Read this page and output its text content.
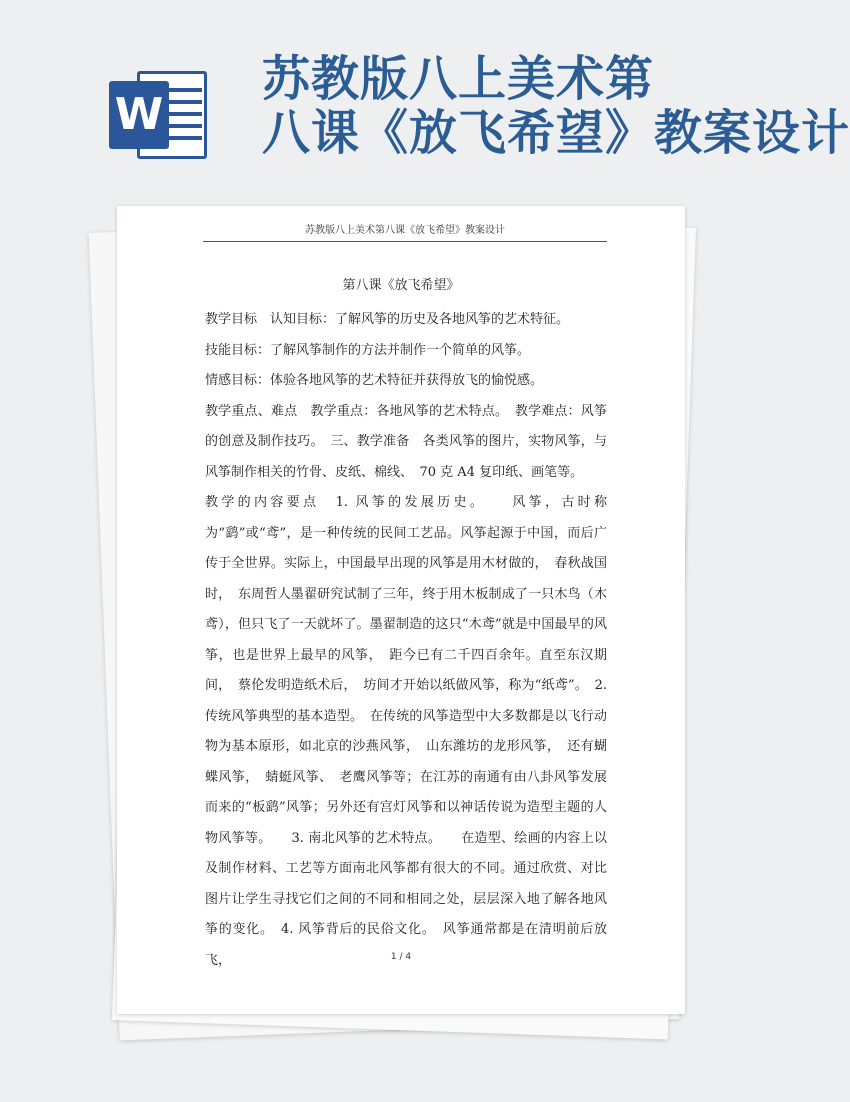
W
苏教版八上美术第
八课《放飞希望》教案设计
苏教版八上美术第八课《放飞希望》教案设计
第八课《放飞希望》

教学目标　认知目标：了解风筝的历史及各地风筝的艺术特征。

技能目标：了解风筝制作的方法并制作一个简单的风筝。

情感目标：体验各地风筝的艺术特征并获得放飞的愉悦感。

教学重点、难点　教学重点：各地风筝的艺术特点。　教学难点：风筝的创意及制作技巧。　三、教学准备　各类风筝的图片，实物风筝，与风筝制作相关的竹骨、皮纸、棉线、　70 克 A4 复印纸、画笔等。

教学的内容要点　1. 风筝的发展历史。　　风筝，古时称为“鹞”或“鸢”，是一种传统的民间工艺品。风筝起源于中国，而后广传于全世界。实际上，中国最早出现的风筝是用木材做的，　春秋战国时，　东周哲人墨翟研究试制了三年，终于用木板制成了一只木鸟（木鸢），但只飞了一天就坏了。墨翟制造的这只“木鸢”就是中国最早的风筝，也是世界上最早的风筝，　距今已有二千四百余年。直至东汉期间，　蔡伦发明造纸术后，　坊间才开始以纸做风筝，称为“纸鸢”。　2. 传统风筝典型的基本造型。　在传统的风筝造型中大多数都是以飞行动物为基本原形，如北京的沙燕风筝，　山东潍坊的龙形风筝，　还有蝴蝶风筝，　蜻蜓风筝、　老鹰风筝等；在江苏的南通有由八卦风筝发展而来的“板鹞”风筝；另外还有宫灯风筝和以神话传说为造型主题的人物风筝等。　　3. 南北风筝的艺术特点。　　在造型、绘画的内容上以及制作材料、工艺等方面南北风筝都有很大的不同。通过欣赏、对比图片让学生寻找它们之间的不同和相同之处，层层深入地了解各地风筝的变化。　4. 风筝背后的民俗文化。　风筝通常都是在清明前后放飞，	1 / 4
